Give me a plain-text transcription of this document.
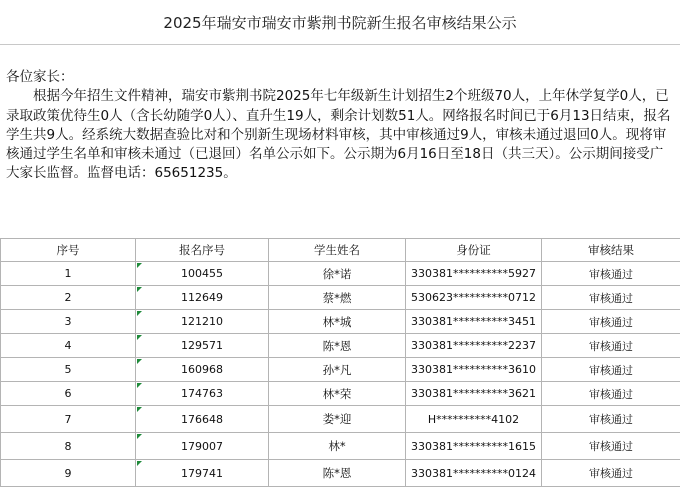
2025年瑞安市瑞安市紫荆书院新生报名审核结果公示

各位家长：

根据今年招生文件精神，瑞安市紫荆书院2025年七年级新生计划招生2个班级70人，上年休学复学0人，已录取政策优待生0人（含长幼随学0人）、直升生19人，剩余计划数51人。网络报名时间已于6月13日结束，报名学生共9人。经系统大数据查验比对和个别新生现场材料审核，其中审核通过9人，审核未通过退回0人。现将审核通过学生名单和审核未通过（已退回）名单公示如下。公示期为6月16日至18日（共三天）。公示期间接受广大家长监督。监督电话：65651235。

序号	报名序号	学生姓名	身份证	审核结果
1	100455	徐*诺	330381**********5927	审核通过
2	112649	蔡*燃	530623**********0712	审核通过
3	121210	林*城	330381**********3451	审核通过
4	129571	陈*恩	330381**********2237	审核通过
5	160968	孙*凡	330381**********3610	审核通过
6	174763	林*荣	330381**********3621	审核通过
7	176648	娄*迎	H**********4102	审核通过
8	179007	林*	330381**********1615	审核通过
9	179741	陈*恩	330381**********0124	审核通过
